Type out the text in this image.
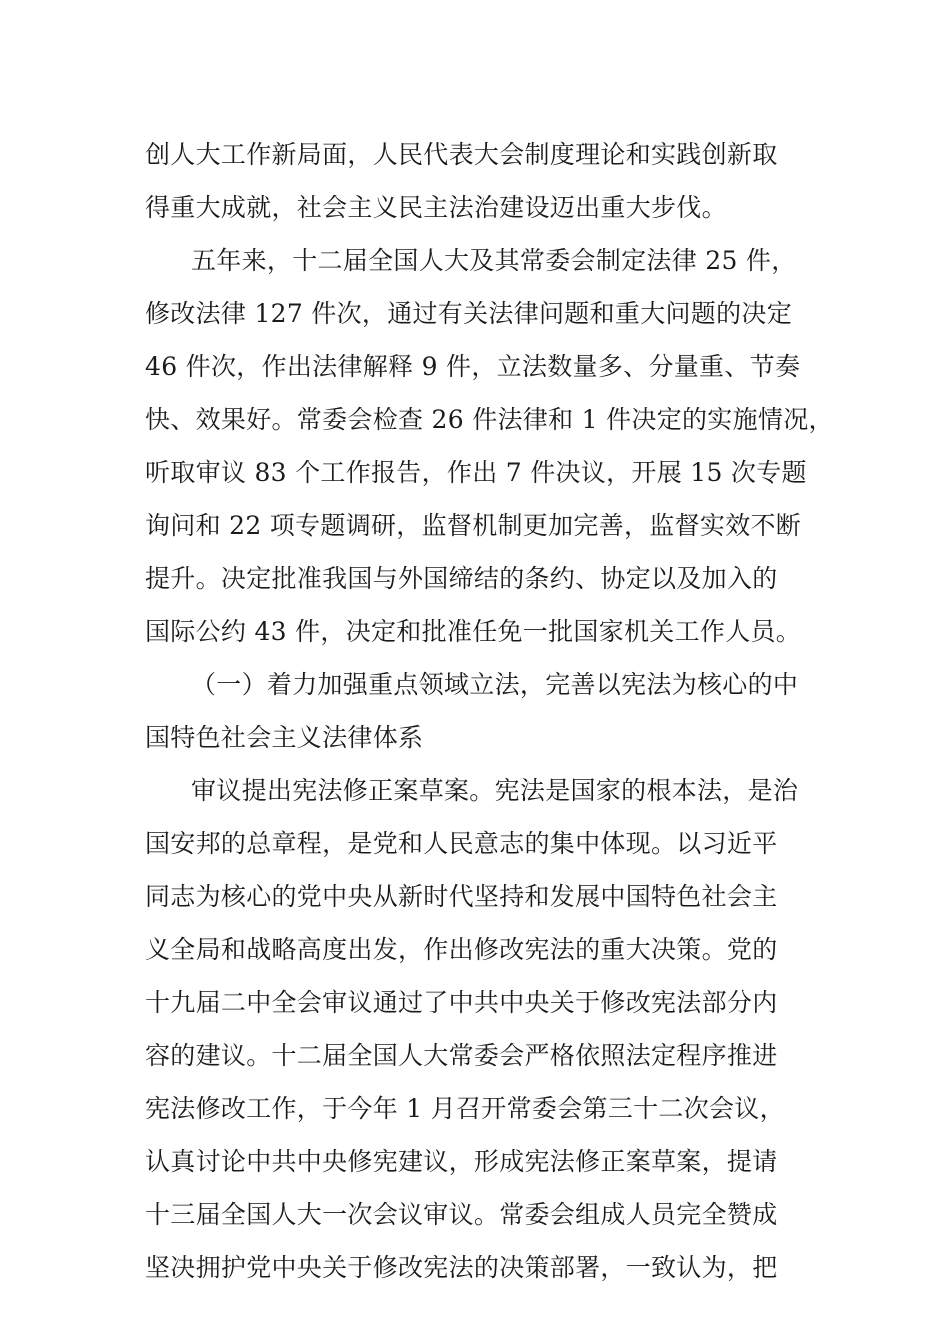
创人大工作新局面，人民代表大会制度理论和实践创新取
得重大成就，社会主义民主法治建设迈出重大步伐。

五年来，十二届全国人大及其常委会制定法律 25 件，
修改法律 127 件次，通过有关法律问题和重大问题的决定
46 件次，作出法律解释 9 件，立法数量多、分量重、节奏
快、效果好。常委会检查 26 件法律和 1 件决定的实施情况，
听取审议 83 个工作报告，作出 7 件决议，开展 15 次专题
询问和 22 项专题调研，监督机制更加完善，监督实效不断
提升。决定批准我国与外国缔结的条约、协定以及加入的
国际公约 43 件，决定和批准任免一批国家机关工作人员。

（一）着力加强重点领域立法，完善以宪法为核心的中
国特色社会主义法律体系

审议提出宪法修正案草案。宪法是国家的根本法，是治
国安邦的总章程，是党和人民意志的集中体现。以习近平
同志为核心的党中央从新时代坚持和发展中国特色社会主
义全局和战略高度出发，作出修改宪法的重大决策。党的
十九届二中全会审议通过了中共中央关于修改宪法部分内
容的建议。十二届全国人大常委会严格依照法定程序推进
宪法修改工作，于今年 1 月召开常委会第三十二次会议，
认真讨论中共中央修宪建议，形成宪法修正案草案，提请
十三届全国人大一次会议审议。常委会组成人员完全赞成
坚决拥护党中央关于修改宪法的决策部署，一致认为，把
